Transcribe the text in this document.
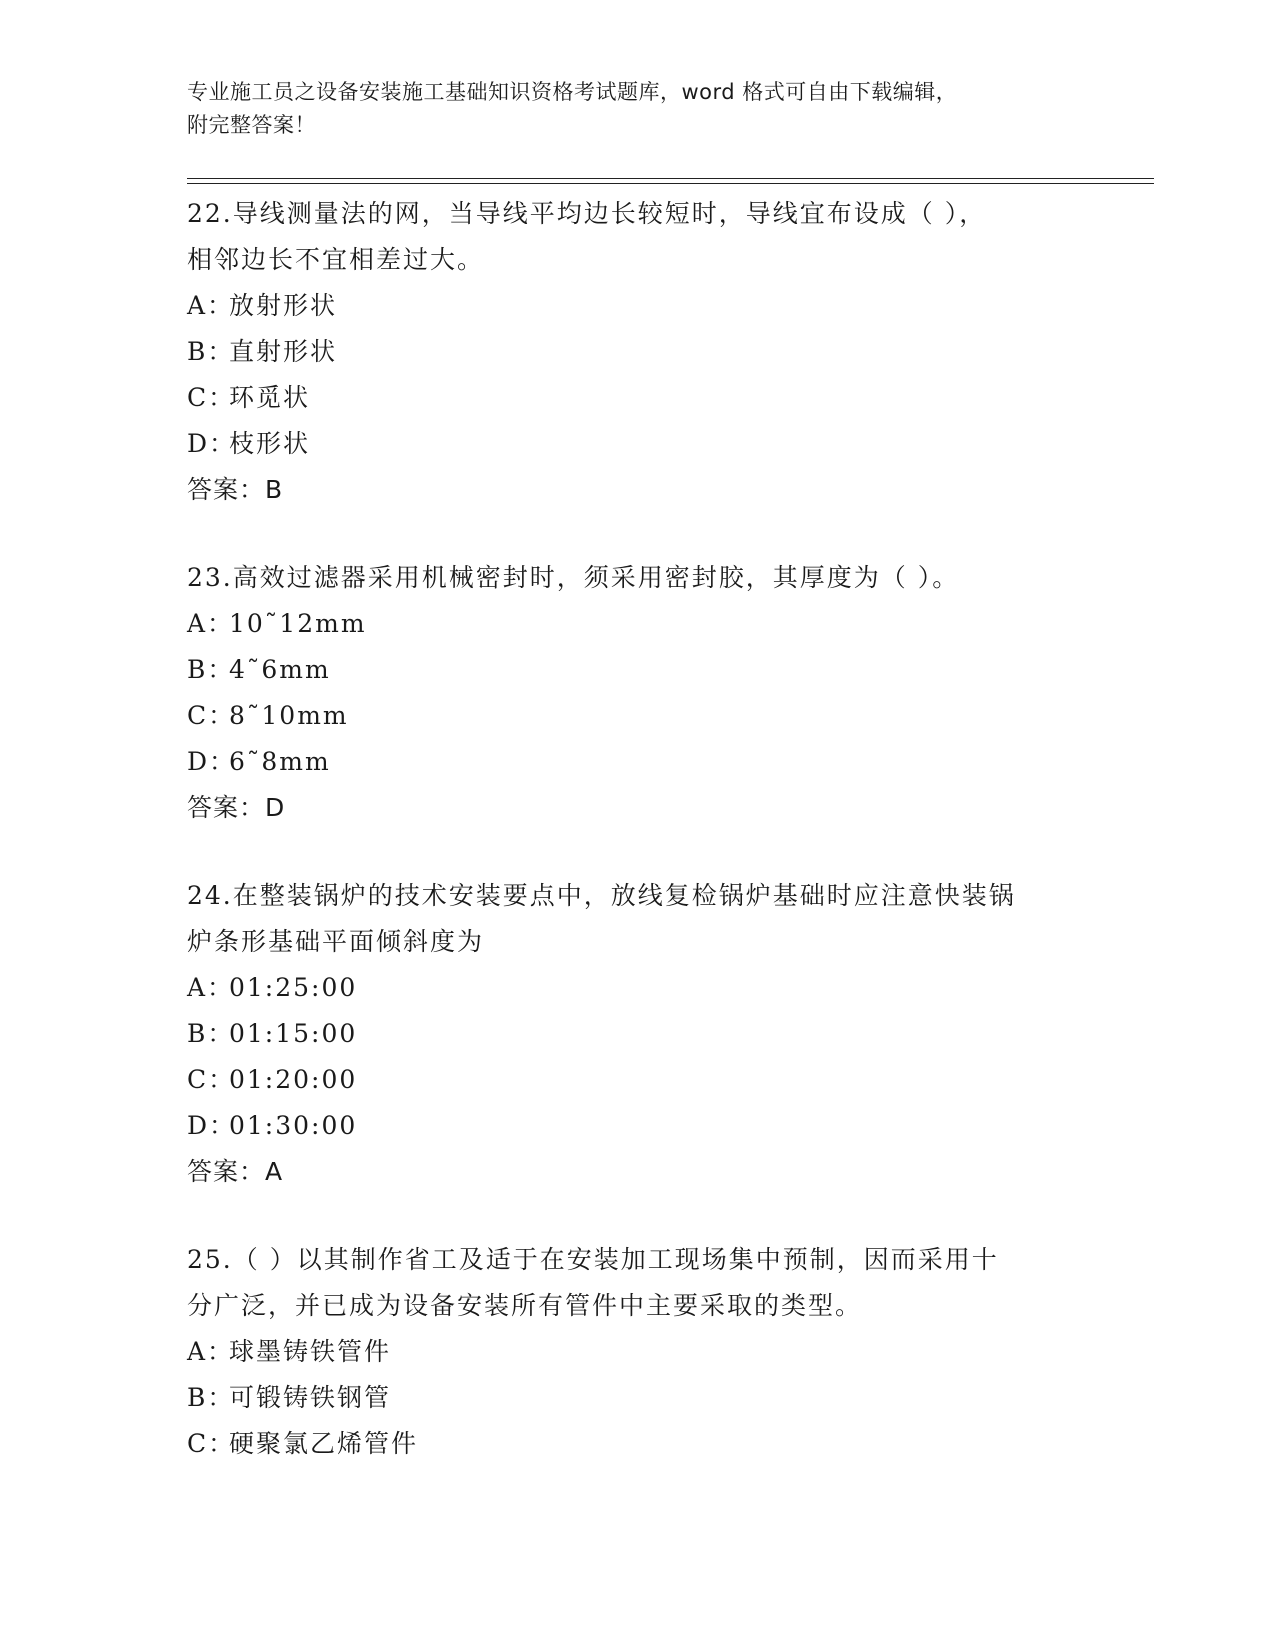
专业施工员之设备安装施工基础知识资格考试题库，word 格式可自由下载编辑，
附完整答案！
22.导线测量法的网，当导线平均边长较短时，导线宜布设成（ ），
相邻边长不宜相差过大。
A：放射形状
B：直射形状
C：环觅状
D：枝形状
答案：B
23.高效过滤器采用机械密封时，须采用密封胶，其厚度为（ ）。
A：10˜12mm
B：4˜6mm
C：8˜10mm
D：6˜8mm
答案：D
24.在整装锅炉的技术安装要点中，放线复检锅炉基础时应注意快装锅
炉条形基础平面倾斜度为
A：01:25:00
B：01:15:00
C：01:20:00
D：01:30:00
答案：A
25.（ ）以其制作省工及适于在安装加工现场集中预制，因而采用十
分广泛，并已成为设备安装所有管件中主要采取的类型。
A：球墨铸铁管件
B：可锻铸铁钢管
C：硬聚氯乙烯管件
